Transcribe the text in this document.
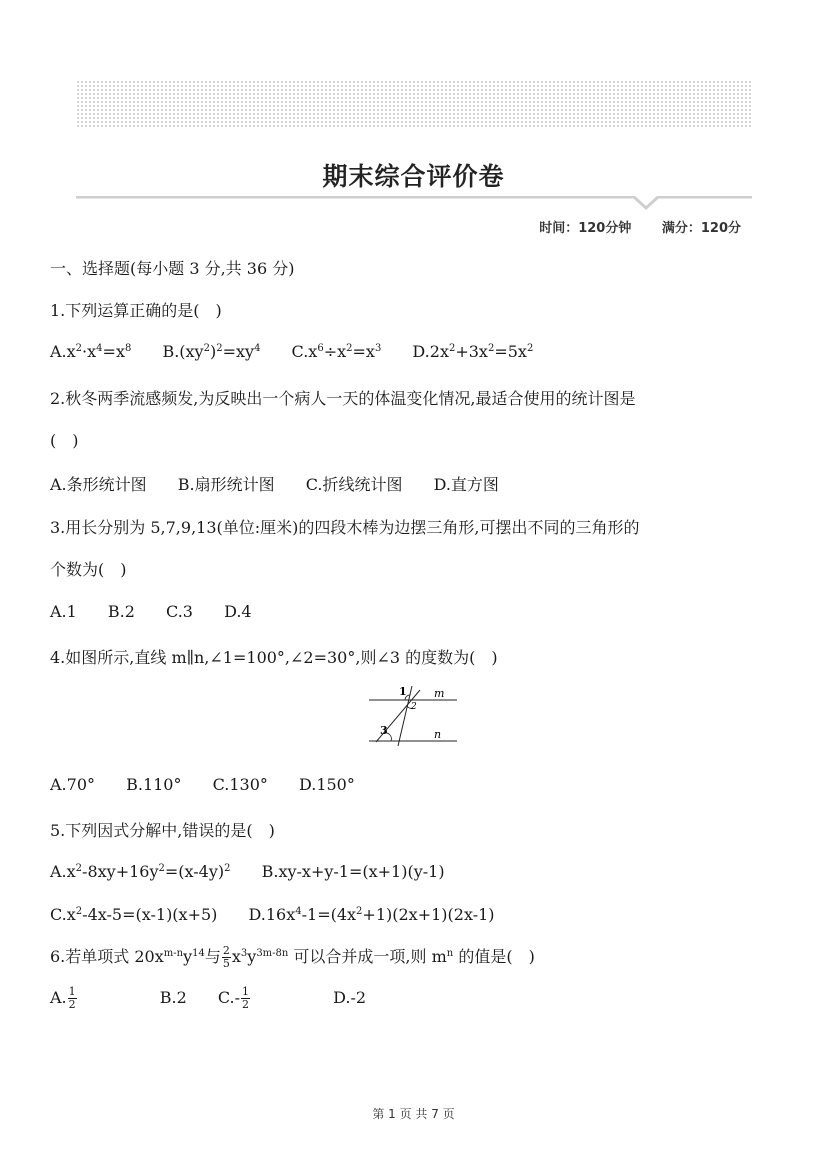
期末综合评价卷
时间：120分钟 满分：120分
一、选择题(每小题 3 分,共 36 分)
1.下列运算正确的是(　)
$A.x^2\cdot x^4=x^8$ $B.(xy^2)^2=xy^4$ $C.x^6\div x^2=x^3$ $D.2x^2+3x^2=5x^2$
2.秋冬两季流感频发,为反映出一个病人一天的体温变化情况,最适合使用的统计图是
(　)
A.条形统计图 B.扇形统计图 C.折线统计图 D.直方图
3.用长分别为 5,7,9,13(单位:厘米)的四段木棒为边摆三角形,可摆出不同的三角形的
个数为(　)
A.1 B.2 C.3 D.4
4.如图所示,直线 m∥n,∠1=100°,∠2=30°,则∠3 的度数为(　)
1
2
3
m
n
A.70° B.110° C.130° D.150°
5.下列因式分解中,错误的是(　)
$A.x^2-8xy+16y^2=(x-4y)^2$ B.xy-x+y-1=(x+1)(y-1)
$C.x^2-4x-5=(x-1)(x+5)$ $D.16x^4-1=(4x^2+1)(2x+1)(2x-1)$
6.若单项式 $20x^{m-n}y^{14}$与 $\frac{2}{5} x^3y^{3m-8n}$ 可以合并成一项,则 $m^n$ 的值是(　)
A. $\frac{1}{2}$	B.2 $C.- \frac{1}{2}$	D.-2
第 1 页 共 7 页
